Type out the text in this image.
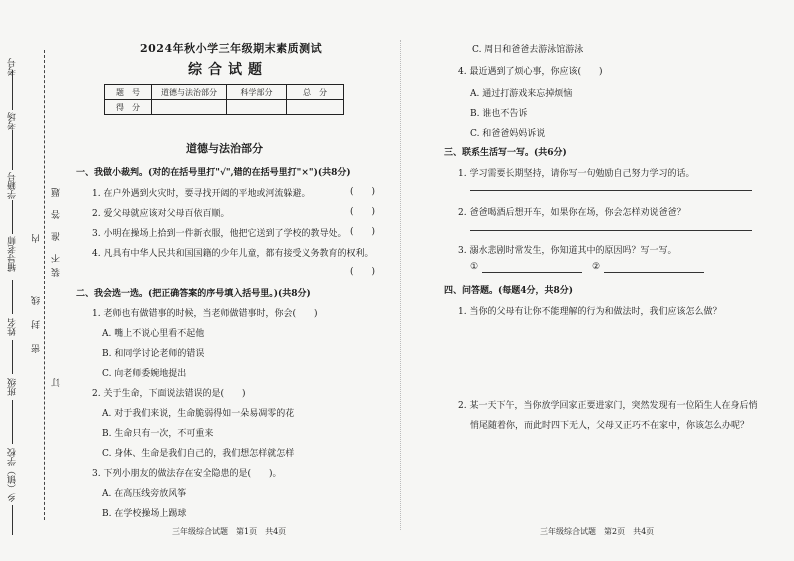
考号
考场
学籍号
辅导老师
姓名
班级
乡（镇）学校
题
答
准
不
内
线
封
密
装
订
2024年秋小学三年级期末素质测试
综合试题
题　号	道德与法治部分	科学部分	总　分
得　分			
道德与法治部分
一、我做小裁判。(对的在括号里打"√",错的在括号里打"×")(共8分)
1. 在户外遇到火灾时，要寻找开阔的平地或河流躲避。	(　　)
2. 爱父母就应该对父母百依百顺。	(　　)
3. 小明在操场上拾到一件新衣服，他把它送到了学校的教导处。 (　　)
4. 凡具有中华人民共和国国籍的少年儿童，都有接受义务教育的权利。
(　　)
二、我会选一选。(把正确答案的序号填入括号里。)(共8分)
1. 老师也有做错事的时候，当老师做错事时，你会(　　)
A. 嘴上不说心里看不起他
B. 和同学讨论老师的错误
C. 向老师委婉地提出
2. 关于生命，下面说法错误的是(　　)
A. 对于我们来说，生命脆弱得如一朵易凋零的花
B. 生命只有一次，不可重来
C. 身体、生命是我们自己的，我们想怎样就怎样
3. 下列小朋友的做法存在安全隐患的是(　　)。
A. 在高压线旁放风筝
B. 在学校操场上踢球
三年级综合试题　第1页　共4页
C. 周日和爸爸去游泳馆游泳
4. 最近遇到了烦心事，你应该(　　)
A. 通过打游戏来忘掉烦恼
B. 谁也不告诉
C. 和爸爸妈妈诉说
三、联系生活写一写。(共6分)
1. 学习需要长期坚持，请你写一句勉励自己努力学习的话。
2. 爸爸喝酒后想开车，如果你在场，你会怎样劝说爸爸？
3. 溺水悲剧时常发生，你知道其中的原因吗？写一写。
①	②
四、问答题。(每题4分，共8分)
1. 当你的父母有让你不能理解的行为和做法时，我们应该怎么做？
2. 某一天下午，当你放学回家正要进家门，突然发现有一位陌生人在身后悄
悄尾随着你，而此时四下无人，父母又正巧不在家中，你该怎么办呢？
三年级综合试题　第2页　共4页
